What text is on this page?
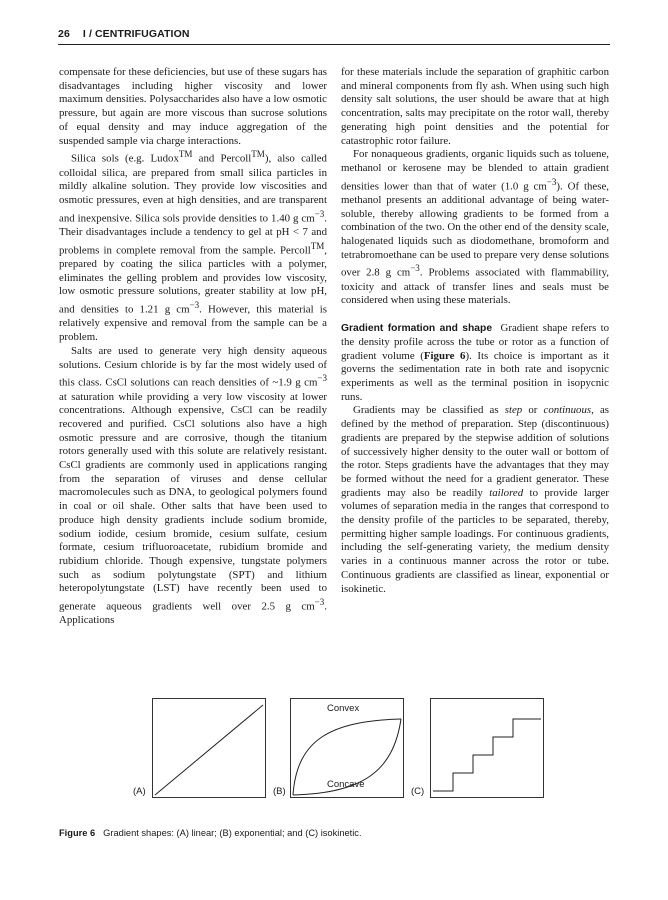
26 I / CENTRIFUGATION

compensate for these deficiencies, but use of these sugars has disadvantages including higher viscosity and lower maximum densities. Polysaccharides also have a low osmotic pressure, but again are more viscous than sucrose solutions of equal density and may induce aggregation of the suspended sample via charge interactions.

Silica sols (e.g. Ludox™ and Percoll™), also called colloidal silica, are prepared from small silica particles in mildly alkaline solution. They provide low viscosities and osmotic pressures, even at high densities, and are transparent and inexpensive. Silica sols provide densities to 1.40 g $cm^{-3}$. Their disadvantages include a tendency to gel at pH < 7 and problems in complete removal from the sample. Percoll™, prepared by coating the silica particles with a polymer, eliminates the gelling problem and provides low viscosity, low osmotic pressure solutions, greater stability at low pH, and densities to 1.21 g $cm^{-3}$. However, this material is relatively expensive and removal from the sample can be a problem.

Salts are used to generate very high density aqueous solutions. Cesium chloride is by far the most widely used of this class. CsCl solutions can reach densities of ~1.9 g $cm^{-3}$ at saturation while providing a very low viscosity at lower concentrations. Although expensive, CsCl can be readily recovered and purified. CsCl solutions also have a high osmotic pressure and are corrosive, though the titanium rotors generally used with this solute are relatively resistant. CsCl gradients are commonly used in applications ranging from the separation of viruses and dense cellular macromolecules such as DNA, to geological polymers found in coal or oil shale. Other salts that have been used to produce high density gradients include sodium bromide, sodium iodide, cesium bromide, cesium sulfate, cesium formate, cesium trifluoroacetate, rubidium bromide and rubidium chloride. Though expensive, tungstate polymers such as sodium polytungstate (SPT) and lithium heteropolytungstate (LST) have recently been used to generate aqueous gradients well over 2.5 g $cm^{-3}$. Applications

for these materials include the separation of graphitic carbon and mineral components from fly ash. When using such high density salt solutions, the user should be aware that at high concentration, salts may precipitate on the rotor wall, thereby generating high point densities and the potential for catastrophic rotor failure.

For nonaqueous gradients, organic liquids such as toluene, methanol or kerosene may be blended to attain gradient densities lower than that of water (1.0 g $cm^{-3}$). Of these, methanol presents an additional advantage of being water-soluble, thereby allowing gradients to be formed from a combination of the two. On the other end of the density scale, halogenated liquids such as diodomethane, bromoform and tetrabromoethane can be used to prepare very dense solutions over 2.8 g $cm^{-3}$. Problems associated with flammability, toxicity and attack of transfer lines and seals must be considered when using these materials.

Gradient formation and shape  Gradient shape refers to the density profile across the tube or rotor as a function of gradient volume (Figure 6). Its choice is important as it governs the sedimentation rate in both rate and isopycnic experiments as well as the terminal position in isopycnic runs.

Gradients may be classified as step or continuous, as defined by the method of preparation. Step (discontinuous) gradients are prepared by the stepwise addition of solutions of successively higher density to the outer wall or bottom of the rotor. Steps gradients have the advantages that they may be formed without the need for a gradient generator. These gradients may also be readily tailored to provide larger volumes of separation media in the ranges that correspond to the density profile of the particles to be separated, thereby, permitting higher sample loadings. For continuous gradients, including the self-generating variety, the medium density varies in a continuous manner across the rotor or tube. Continuous gradients are classified as linear, exponential or isokinetic.

(A)	(B)
Convex
Concave
(C)
Figure 6 Gradient shapes: (A) linear; (B) exponential; and (C) isokinetic.
